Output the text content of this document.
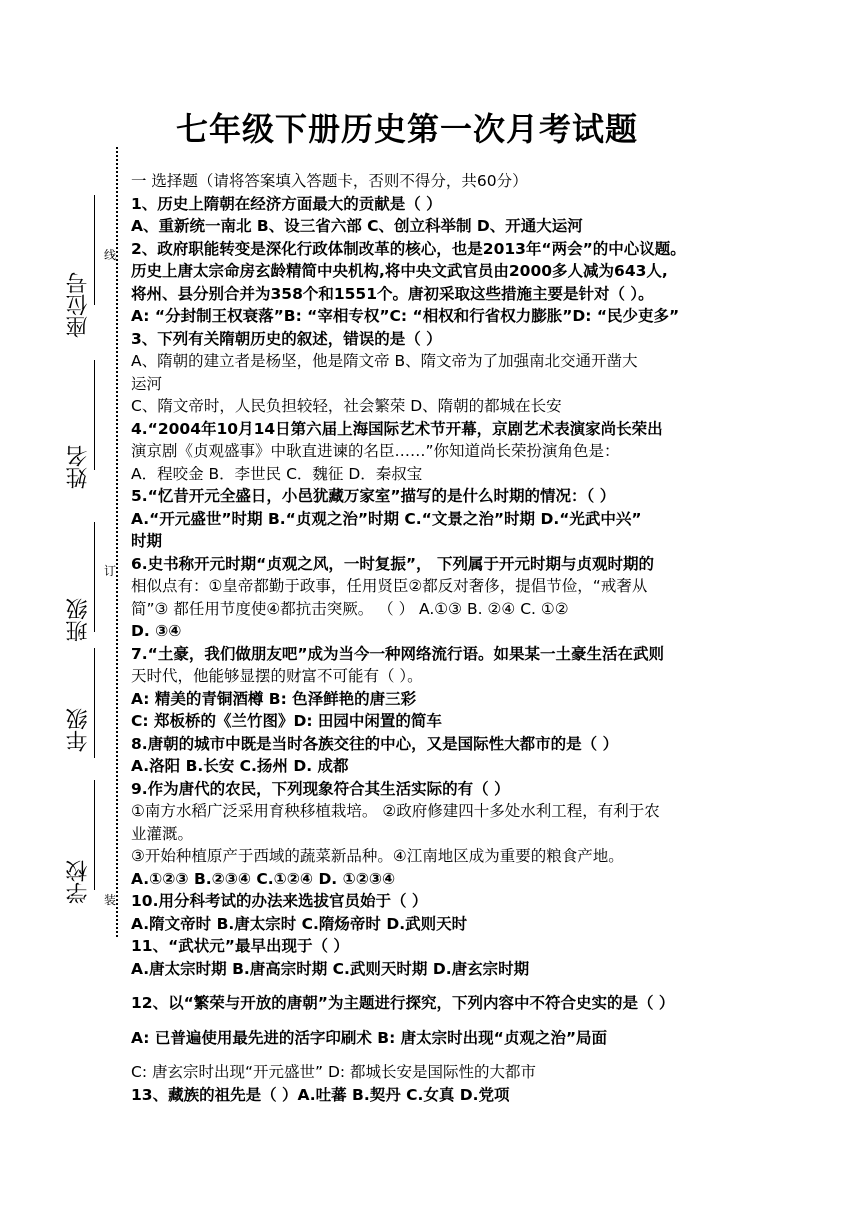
七年级下册历史第一次月考试题
线
订
装
座位号
姓名
班级
年级
学校
一 选择题（请将答案填入答题卡，否则不得分，共60分）
1、历史上隋朝在经济方面最大的贡献是（ ）
A、重新统一南北 B、设三省六部 C、创立科举制 D、开通大运河
2、政府职能转变是深化行政体制改革的核心，也是2013年“两会”的中心议题。
历史上唐太宗命房玄龄精简中央机构,将中央文武官员由2000多人减为643人,
将州、县分别合并为358个和1551个。唐初采取这些措施主要是针对（ ）。
A: “分封制王权衰落”B: “宰相专权”C: “相权和行省权力膨胀”D: “民少吏多”
3、下列有关隋朝历史的叙述，错误的是（ ）
A、隋朝的建立者是杨坚，他是隋文帝 B、隋文帝为了加强南北交通开凿大
运河
C、隋文帝时，人民负担较轻，社会繁荣 D、隋朝的都城在长安
4.“2004年10月14日第六届上海国际艺术节开幕，京剧艺术表演家尚长荣出
演京剧《贞观盛事》中耿直进谏的名臣……”你知道尚长荣扮演角色是：
A．程咬金 B．李世民 C．魏征 D．秦叔宝
5.“忆昔开元全盛日，小邑犹藏万家室”描写的是什么时期的情况：（ ）
A.“开元盛世”时期 B.“贞观之治”时期 C.“文景之治”时期 D.“光武中兴”
时期
6.史书称开元时期“贞观之风，一时复振”， 下列属于开元时期与贞观时期的
相似点有：①皇帝都勤于政事，任用贤臣②都反对奢侈，提倡节俭，“戒奢从
简”③ 都任用节度使④都抗击突厥。 （ ） A.①③ B. ②④ C. ①②
D. ③④
7.“土豪，我们做朋友吧”成为当今一种网络流行语。如果某一土豪生活在武则
天时代，他能够显摆的财富不可能有（ ）。
A: 精美的青铜酒樽 B: 色泽鲜艳的唐三彩
C: 郑板桥的《兰竹图》D: 田园中闲置的简车
8.唐朝的城市中既是当时各族交往的中心，又是国际性大都市的是（ ）
A.洛阳 B.长安 C.扬州 D. 成都
9.作为唐代的农民，下列现象符合其生活实际的有（ ）
①南方水稻广泛采用育秧移植栽培。 ②政府修建四十多处水利工程，有利于农
业灌溉。
③开始种植原产于西域的蔬菜新品种。④江南地区成为重要的粮食产地。
A.①②③ B.②③④ C.①②④ D. ①②③④
10.用分科考试的办法来选拔官员始于（ ）
A.隋文帝时 B.唐太宗时 C.隋炀帝时 D.武则天时
11、“武状元”最早出现于（ ）
A.唐太宗时期 B.唐高宗时期 C.武则天时期 D.唐玄宗时期
12、以“繁荣与开放的唐朝”为主题进行探究，下列内容中不符合史实的是（ ）
A: 已普遍使用最先进的活字印刷术 B: 唐太宗时出现“贞观之治”局面
C: 唐玄宗时出现“开元盛世” D: 都城长安是国际性的大都市
13、藏族的祖先是（ ）A.吐蕃 B.契丹 C.女真 D.党项
